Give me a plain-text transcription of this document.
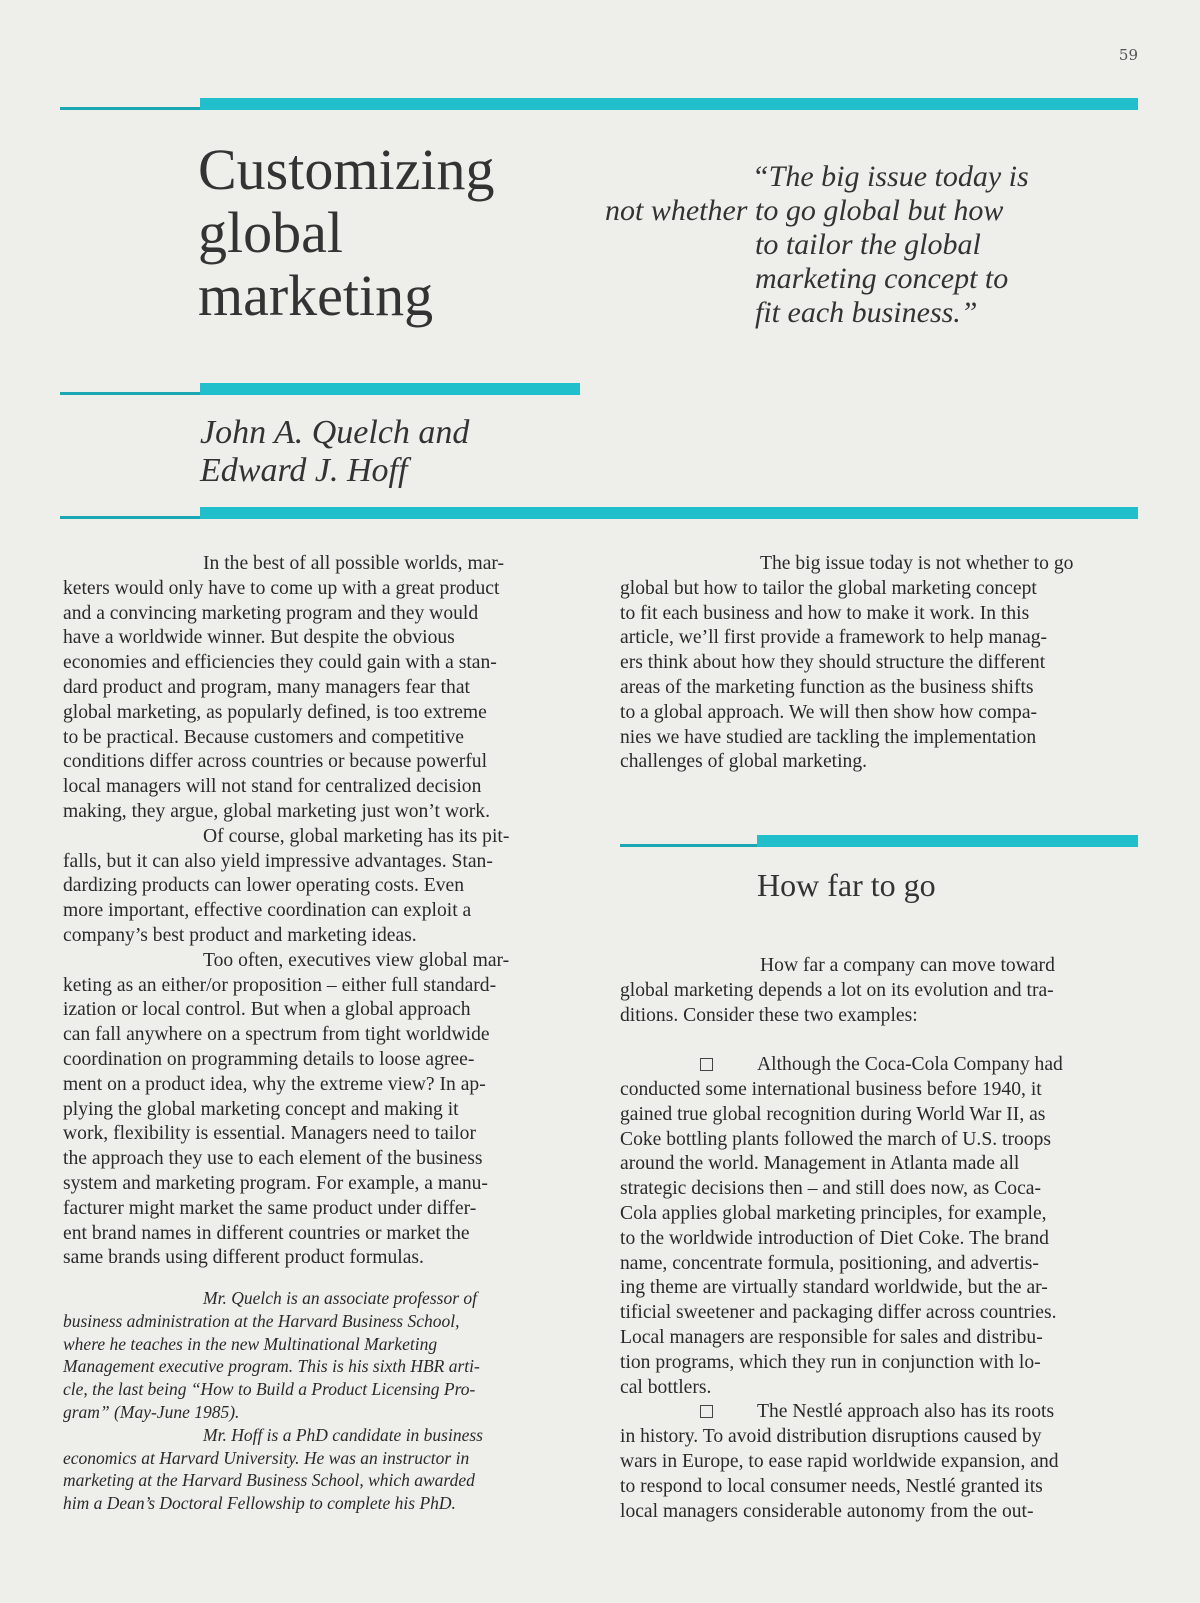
59
Customizing
global
marketing
“The big issue today is
not whether to go global but how
to tailor the global
marketing concept to
fit each business.”
John A. Quelch and
Edward J. Hoff
In the best of all possible worlds, mar-
keters would only have to come up with a great product
and a convincing marketing program and they would
have a worldwide winner. But despite the obvious
economies and efficiencies they could gain with a stan-
dard product and program, many managers fear that
global marketing, as popularly defined, is too extreme
to be practical. Because customers and competitive
conditions differ across countries or because powerful
local managers will not stand for centralized decision
making, they argue, global marketing just won’t work.
Of course, global marketing has its pit-
falls, but it can also yield impressive advantages. Stan-
dardizing products can lower operating costs. Even
more important, effective coordination can exploit a
company’s best product and marketing ideas.
Too often, executives view global mar-
keting as an either/or proposition – either full standard-
ization or local control. But when a global approach
can fall anywhere on a spectrum from tight worldwide
coordination on programming details to loose agree-
ment on a product idea, why the extreme view? In ap-
plying the global marketing concept and making it
work, flexibility is essential. Managers need to tailor
the approach they use to each element of the business
system and marketing program. For example, a manu-
facturer might market the same product under differ-
ent brand names in different countries or market the
same brands using different product formulas.
The big issue today is not whether to go
global but how to tailor the global marketing concept
to fit each business and how to make it work. In this
article, we’ll first provide a framework to help manag-
ers think about how they should structure the different
areas of the marketing function as the business shifts
to a global approach. We will then show how compa-
nies we have studied are tackling the implementation
challenges of global marketing.
How far to go
How far a company can move toward
global marketing depends a lot on its evolution and tra-
ditions. Consider these two examples:
Although the Coca-Cola Company had
conducted some international business before 1940, it
gained true global recognition during World War II, as
Coke bottling plants followed the march of U.S. troops
around the world. Management in Atlanta made all
strategic decisions then – and still does now, as Coca-
Cola applies global marketing principles, for example,
to the worldwide introduction of Diet Coke. The brand
name, concentrate formula, positioning, and advertis-
ing theme are virtually standard worldwide, but the ar-
tificial sweetener and packaging differ across countries.
Local managers are responsible for sales and distribu-
tion programs, which they run in conjunction with lo-
cal bottlers.
The Nestlé approach also has its roots
in history. To avoid distribution disruptions caused by
wars in Europe, to ease rapid worldwide expansion, and
to respond to local consumer needs, Nestlé granted its
local managers considerable autonomy from the out-
Mr. Quelch is an associate professor of
business administration at the Harvard Business School,
where he teaches in the new Multinational Marketing
Management executive program. This is his sixth HBR arti-
cle, the last being “How to Build a Product Licensing Pro-
gram” (May-June 1985).
Mr. Hoff is a PhD candidate in business
economics at Harvard University. He was an instructor in
marketing at the Harvard Business School, which awarded
him a Dean’s Doctoral Fellowship to complete his PhD.
